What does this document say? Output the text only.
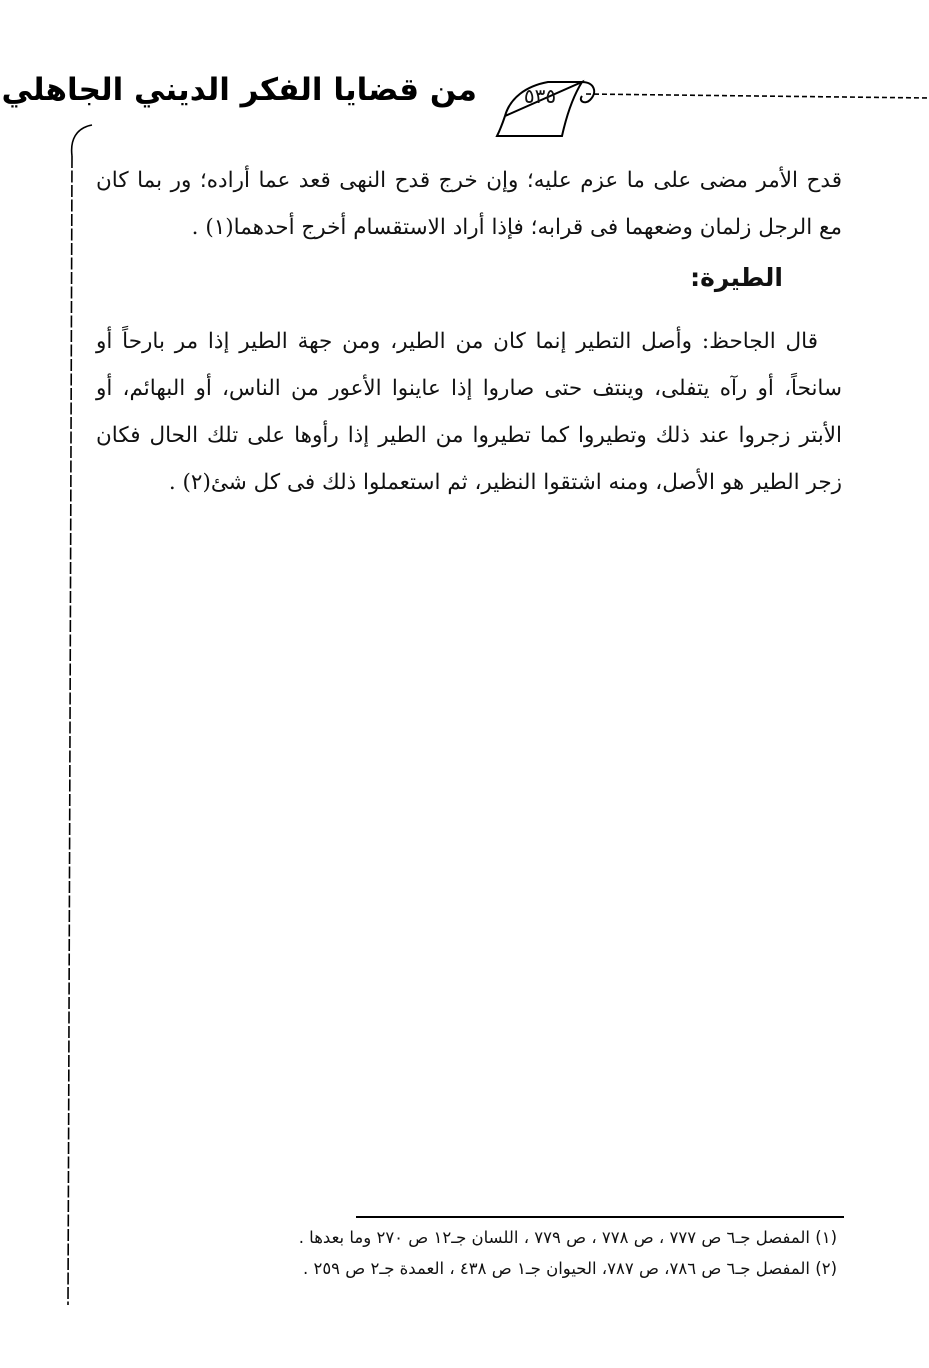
من قضايا الفكر الديني الجاهلي	٥٣٥

قدح الأمر مضى على ما عزم عليه؛ وإن خرج قدح النهى قعد عما أراده؛ ور بما كان مع الرجل زلمان وضعهما فى قرابه؛ فإذا أراد الاستقسام أخرج أحدهما(١) .

الطيرة:

قال الجاحظ: وأصل التطير إنما كان من الطير، ومن جهة الطير إذا مر بارحاً أو سانحاً، أو رآه يتفلى، وينتف حتى صاروا إذا عاينوا الأعور من الناس، أو البهائم، أو الأبتر زجروا عند ذلك وتطيروا كما تطيروا من الطير إذا رأوها على تلك الحال فكان زجر الطير هو الأصل، ومنه اشتقوا النظير، ثم استعملوا ذلك فى كل شئ(٢) .

(١) المفصل جـ٦ ص ٧٧٧ ، ص ٧٧٨ ، ص ٧٧٩ ، اللسان جـ١٢ ص ٢٧٠ وما بعدها .
(٢) المفصل جـ٦ ص ٧٨٦، ص ٧٨٧، الحيوان جـ١ ص ٤٣٨ ، العمدة جـ٢ ص ٢٥٩ .
